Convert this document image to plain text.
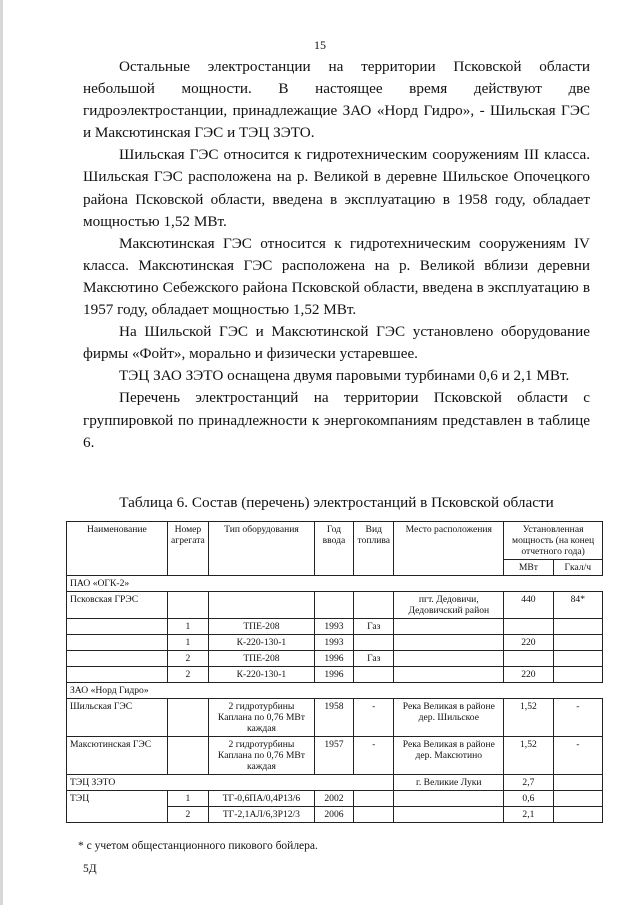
15

Остальные электростанции на территории Псковской области небольшой мощности. В настоящее время действуют две гидроэлектростанции, принадлежащие ЗАО «Норд Гидро», - Шильская ГЭС и Максютинская ГЭС и ТЭЦ ЗЭТО.

Шильская ГЭС относится к гидротехническим сооружениям III класса. Шильская ГЭС расположена на р. Великой в деревне Шильское Опочецкого района Псковской области, введена в эксплуатацию в 1958 году, обладает мощностью 1,52 МВт.

Максютинская ГЭС относится к гидротехническим сооружениям IV класса. Максютинская ГЭС расположена на р. Великой вблизи деревни Максютино Себежского района Псковской области, введена в эксплуатацию в 1957 году, обладает мощностью 1,52 МВт.

На Шильской ГЭС и Максютинской ГЭС установлено оборудование фирмы «Фойт», морально и физически устаревшее.

ТЭЦ ЗАО ЗЭТО оснащена двумя паровыми турбинами 0,6 и 2,1 МВт.

Перечень электростанций на территории Псковской области с группировкой по принадлежности к энергокомпаниям представлен в таблице 6.

Таблица 6. Состав (перечень) электростанций в Псковской области
Наименование	Номер агрегата	Тип оборудования	Год ввода	Вид топлива	Место расположения	Установленная мощность (на конец отчетного года)	
						МВт	Гкал/ч
ПАО «ОГК-2»							
Псковская ГРЭС					пгт. Дедовичи, Дедовичский район	440	84*
	1	ТПЕ-208	1993	Газ			
	1	К-220-130-1	1993			220	
	2	ТПЕ-208	1996	Газ			
	2	К-220-130-1	1996			220	
ЗАО «Норд Гидро»							
Шильская ГЭС		2 гидротурбины Каплана по 0,76 МВт каждая	1958	-	Река Великая в районе дер. Шильское	1,52	-
Максютинская ГЭС		2 гидротурбины Каплана по 0,76 МВт каждая	1957	-	Река Великая в районе дер. Максютино	1,52	-
ТЭЦ ЗЭТО					г. Великие Луки	2,7	
ТЭЦ	1	ТГ-0,6ПА/0,4Р13/6	2002			0,6	
	2	ТГ-2,1АЛ/6,3Р12/3	2006			2,1	
* с учетом общестанционного пикового бойлера.
5Д
